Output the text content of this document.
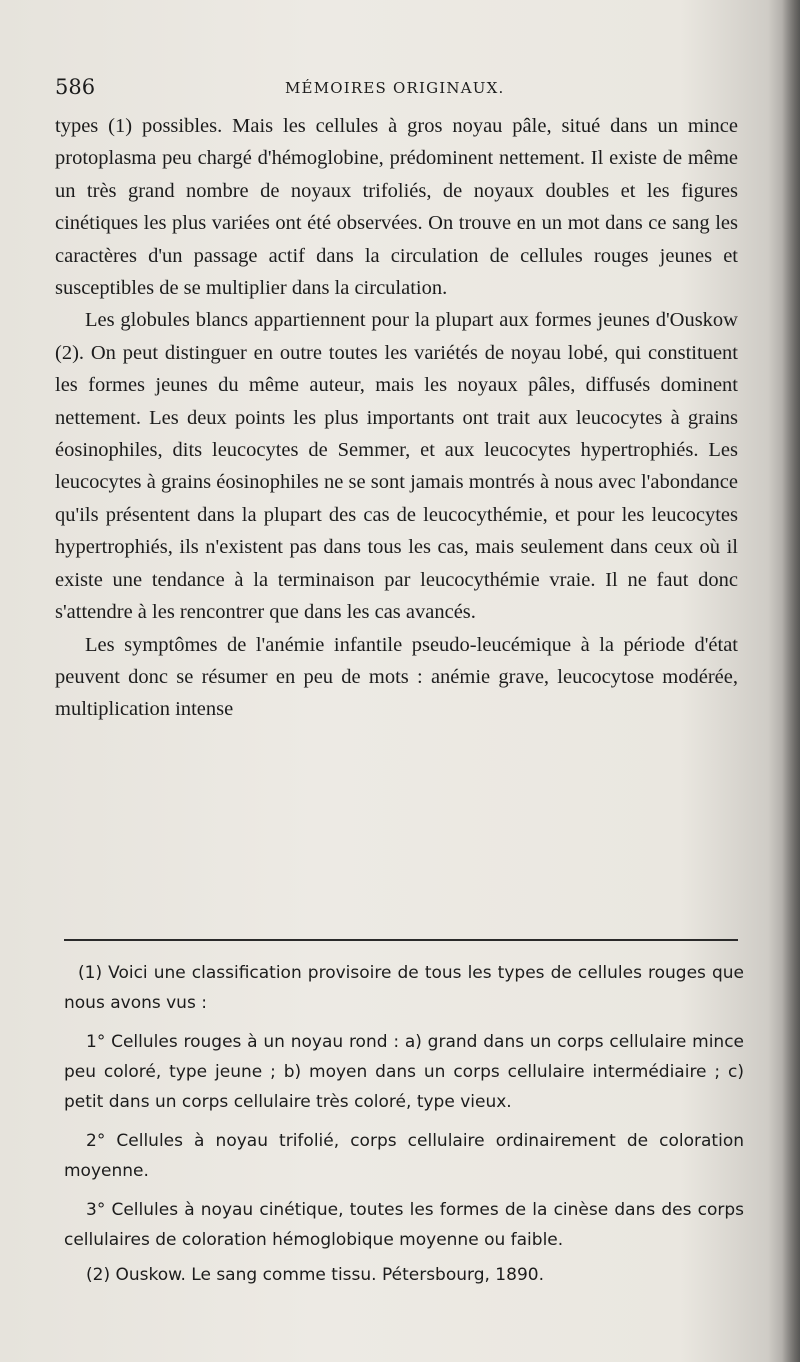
586	MÉMOIRES ORIGINAUX.

types (1) possibles. Mais les cellules à gros noyau pâle, situé dans un mince protoplasma peu chargé d'hémoglobine, prédominent nettement. Il existe de même un très grand nombre de noyaux trifoliés, de noyaux doubles et les figures cinétiques les plus variées ont été observées. On trouve en un mot dans ce sang les caractères d'un passage actif dans la circulation de cellules rouges jeunes et susceptibles de se multiplier dans la circulation.

Les globules blancs appartiennent pour la plupart aux formes jeunes d'Ouskow (2). On peut distinguer en outre toutes les variétés de noyau lobé, qui constituent les formes jeunes du même auteur, mais les noyaux pâles, diffusés dominent nettement. Les deux points les plus importants ont trait aux leucocytes à grains éosinophiles, dits leucocytes de Semmer, et aux leucocytes hypertrophiés. Les leucocytes à grains éosinophiles ne se sont jamais montrés à nous avec l'abondance qu'ils présentent dans la plupart des cas de leucocythémie, et pour les leucocytes hypertrophiés, ils n'existent pas dans tous les cas, mais seulement dans ceux où il existe une tendance à la terminaison par leucocythémie vraie. Il ne faut donc s'attendre à les rencontrer que dans les cas avancés.

Les symptômes de l'anémie infantile pseudo-leucémique à la période d'état peuvent donc se résumer en peu de mots : anémie grave, leucocytose modérée, multiplication intense

(1) Voici une classification provisoire de tous les types de cellules rouges que nous avons vus :

1° Cellules rouges à un noyau rond : a) grand dans un corps cellulaire mince peu coloré, type jeune ; b) moyen dans un corps cellulaire intermédiaire ; c) petit dans un corps cellulaire très coloré, type vieux.

2° Cellules à noyau trifolié, corps cellulaire ordinairement de coloration moyenne.

3° Cellules à noyau cinétique, toutes les formes de la cinèse dans des corps cellulaires de coloration hémoglobique moyenne ou faible.

(2) Ouskow. Le sang comme tissu. Pétersbourg, 1890.
